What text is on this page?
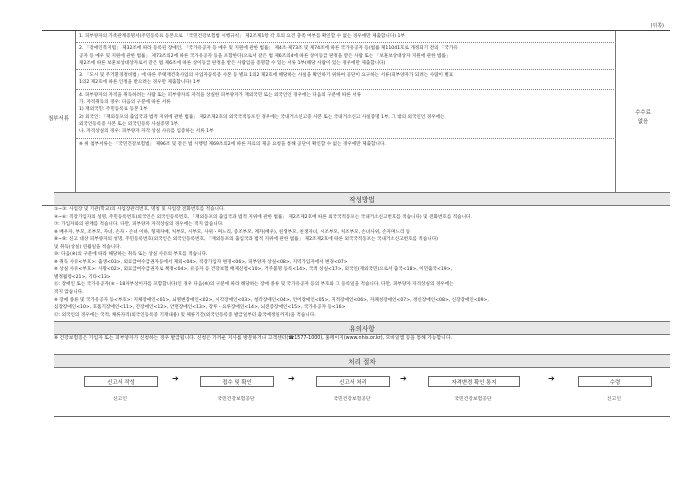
(뒤쪽)
첨부서류
1. 피부양자의 가족관계증명서(주민등록표 등본으로 「국민건강보험법 시행규칙」 제2조제1항 각 호의 요건 충족 여부를 확인할 수 없는 경우에만 제출합니다) 1부
2. 「장애인복지법」 제32조에 따라 등록된 장애인, 「국가유공자 등 예우 및 지원에 관한 법률」 제4조·제73조 및 제74조에 따른 국가유공자 등(법률 제11041호로 개정되기 전의 「국가유
공자 등 예우 및 지원에 관한 법률」 제73조의2에 따른 국가유공자 등을 포함한다)으로서 같은 법 제6조의4에 따른 상이등급 판정을 받은 사람 또는 「보훈보상대상자 지원에 관한 법률」
제2조에 따른 보훈보상대상자로서 같은 법 제6조에 따른 상이등급 판정을 받은 사람임을 증명할 수 있는 서류 1부(해당 사람이 있는 경우에만 제출합니다)
3. 「도시 및 주거환경정비법」에 따른 주택재건축사업의 사업자등록증 사본 등 별표 1의2 제2호에 해당하는 사실을 확인하기 위하여 공단이 요구하는 서류(피부양자가 되려는 사람이 별표
1의2 제2호에 따른 인정을 받으려는 경우만 제출합니다) 1부
4. 피부양자의 자격을 취득하려는 사람 또는 피부양자의 자격을 상실한 피부양자가 재외국민 또는 외국인인 경우에는 다음의 구분에 따른 서류
가. 자격취득의 경우: 다음의 구분에 따른 서류
1) 재외국민: 주민등록표 등본 1부
2) 외국인: 「재외동포의 출입국과 법적 지위에 관한 법률」 제2조제2호의 외국국적동포인 경우에는 국내거소신고증 사본 또는 국내거소신고 사실증명 1부, 그 밖의 외국인인 경우에는
외국인등록증 사본 또는 외국인등록 사실증명 1부.
나. 자격상실의 경우: 피부양자 자격 상실 사유를 입증하는 서류 1부
※ 위 첨부서류는 「국민건강보험법」 제96조 및 같은 법 시행령 제69조의2에 따른 자료의 제공 요청을 통해 공단이 확인할 수 없는 경우에만 제출합니다.
수수료
없음
작성방법
①~③: 사업장 및 기관(학교)의 사업장관리번호, 명칭 및 사업장 전화번호를 적습니다.
④~⑥: 직장가입자의 성명, 주민등록번호(외국인은 외국인등록번호, 「재외동포의 출입국과 법적 지위에 관한 법률」 제2조제2호에 따른 외국국적동포는 국내거소신고번호를 적습니다) 및 전화번호를 적습니다.
⑦: 가입자와의 관계를 적습니다. 다만, 피부양자 자격상실의 경우에는 적지 않습니다.
※ 배우자, 부모, 조부모, 자녀, 손자・손녀 이하, 형제자매, 처부모, 시부모, 사위・며느리, 증조부모, 계자(배우), 친생부모, 친생자녀, 시조부모, 처조부모, 손녀사위, 손자며느리 등
⑧~⑨: 신고 대상 피부양자의 성명, 주민등록번호(외국인은 외국인등록번호, 「재외동포의 출입국과 법적 지위에 관한 법률」 제2조제2호에 따른 외국국적동포는 국내거소신고번호를 적습니다)
및 취득(상실) 연월일을 적습니다.
⑩: 다음(※)의 구분에 따라 해당하는 취득 또는 상실 사유의 부호를 적습니다.
※ 취득 사유<부호>: 출생<03>, 외료급여수급권자등에서 제외<04>, 직장가입자 변경<06>, 피부양자 상실<08>, 지역가입자에서 변경<07>
※ 상실 사유<부호>: 사망<02>, 외료급여수급권자로 책정<04>, 유공자 등 건강보험 배제신청<10>, 거주불명 등록<14>, 국적 상실<17>, 외국인(재외국민)으로서 출국<18>, 이민출국<19>,
별정월령<21>, 기타<13>
⑪: 장애인 또는 국가유공자(⑥・18자부상이자를 포함합니다)인 경우 다음(※)의 구분에 따라 해당하는 장애 종류 및 국가유공자 등의 부호와 그 등록일을 적습니다. 다만, 피부양자 자격상실의 경우에는
적지 않습니다.
※ 장애 종류 및 국가유공자 등<부호>: 지체장애인<01>, 뇌병변장애인<02>, 시각장애인<03>, 청각장애인<04>, 언어장애인<05>, 지적장애인<06>, 자폐성장애인<07>, 정신장애인<08>, 신장장애인<09>,
심장장애인<10>, 호흡기장애인<11>, 간장애인<12>, 안면장애인<13>, 장루・요루장애인<14>, 뇌전증장애인<15>, 국가유공자 등<16>
⑫: 외국인의 경우에는 국적, 체류자격(외국인등록증 기재내용) 및 체류기간(외국인등록증 발급일부터 출국예정일까지)을 적습니다.
유의사항
※ 건강보험증은 가입자 또는 피부양자가 신청하는 경우 발급됩니다. 신청은 가까운 지사를 방문하거나 고객센터(☎1577-1000), 홈페이지(www.nhis.or.kr), 모바일앱 등을 통해 가능합니다.
처리 절차
신고서 작성
신고인
➔	접수 및 확인
국민건강보험공단
➔	신고서 처리
국민건강보험공단
➔	자격변경 확인 통지
국민건강보험공단
➔	수령
신고인
